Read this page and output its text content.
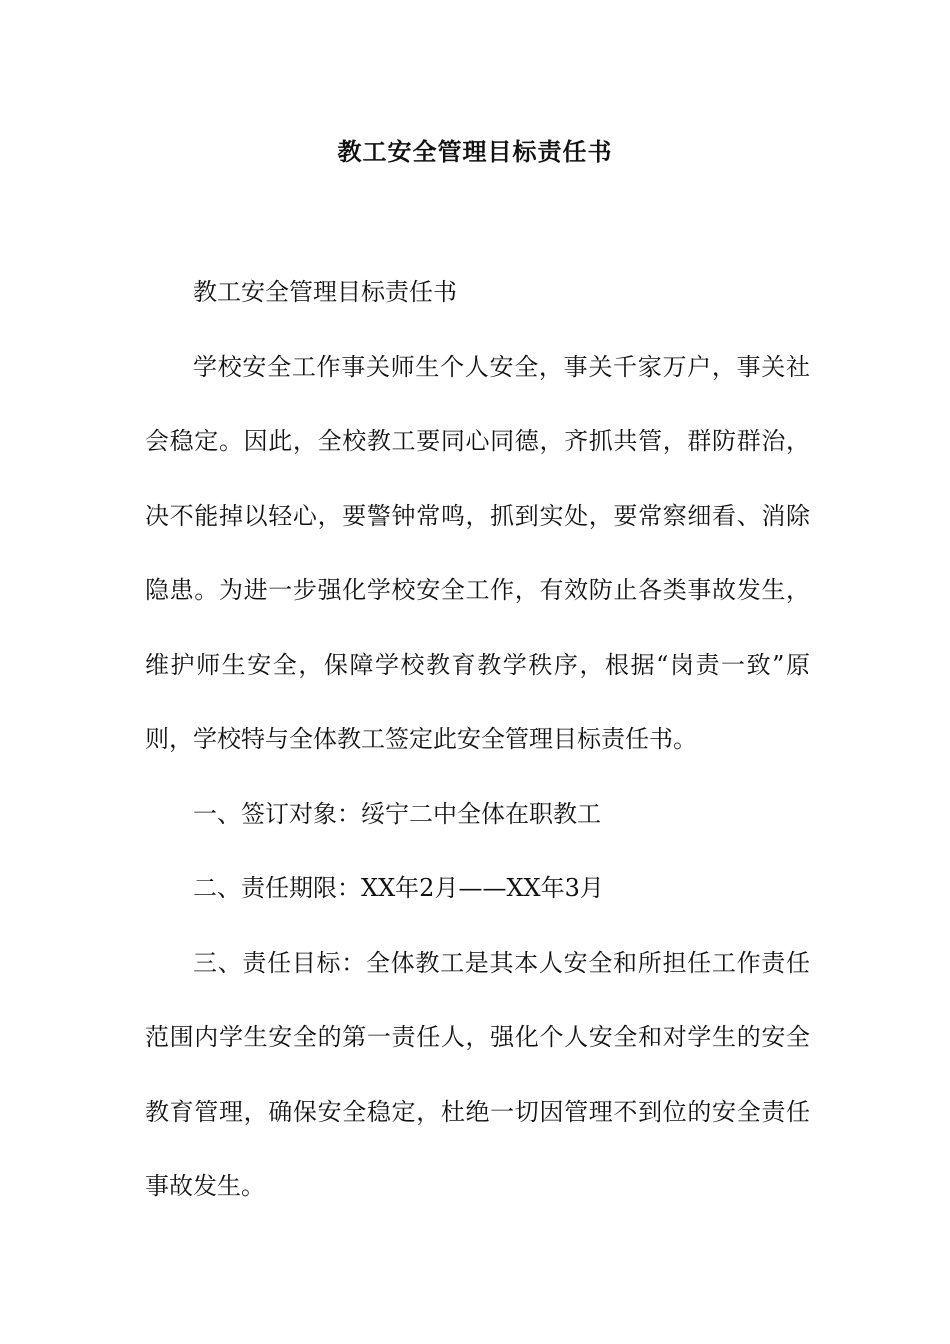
教工安全管理目标责任书

教工安全管理目标责任书

学校安全工作事关师生个人安全，事关千家万户，事关社会稳定。因此，全校教工要同心同德，齐抓共管，群防群治，决不能掉以轻心，要警钟常鸣，抓到实处，要常察细看、消除隐患。为进一步强化学校安全工作，有效防止各类事故发生，维护师生安全，保障学校教育教学秩序，根据“岗责一致”原则，学校特与全体教工签定此安全管理目标责任书。

一、签订对象：绥宁二中全体在职教工

二、责任期限：XX年2月——XX年3月

三、责任目标：全体教工是其本人安全和所担任工作责任范围内学生安全的第一责任人，强化个人安全和对学生的安全教育管理，确保安全稳定，杜绝一切因管理不到位的安全责任事故发生。
